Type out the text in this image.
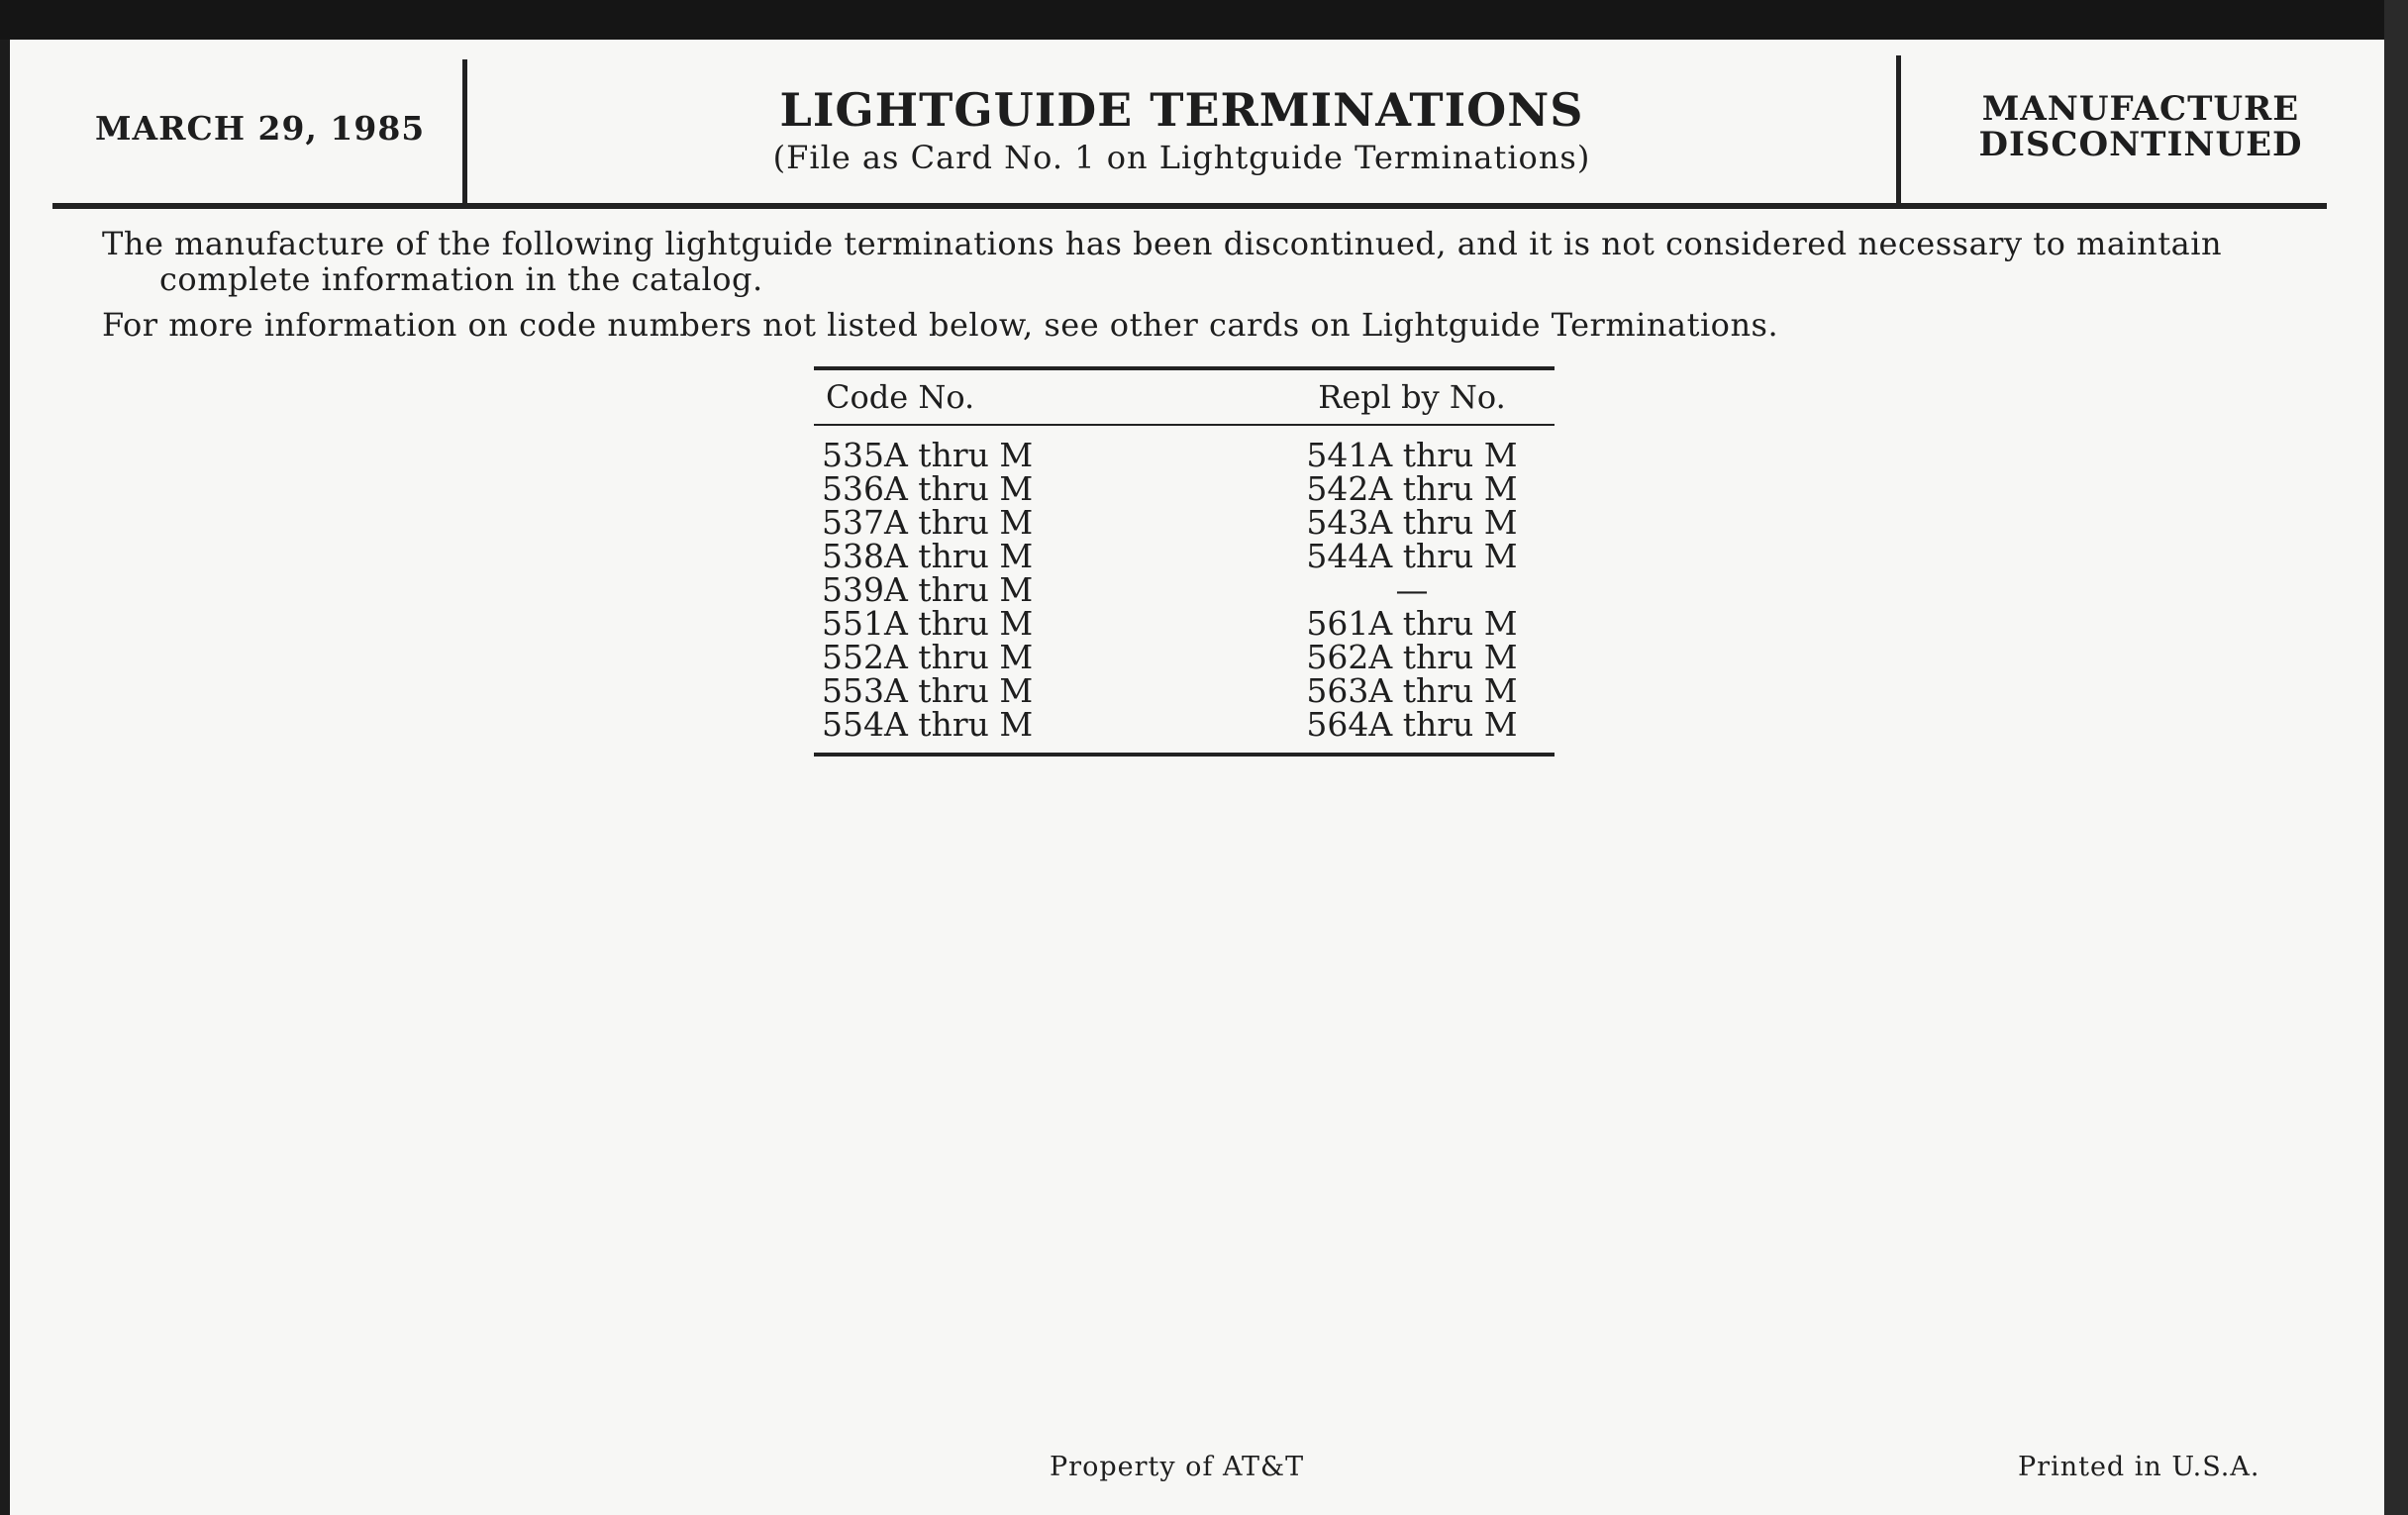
MARCH 29, 1985	LIGHTGUIDE TERMINATIONS
(File as Card No. 1 on Lightguide Terminations)
MANUFACTURE
DISCONTINUED
The manufacture of the following lightguide terminations has been discontinued, and it is not considered necessary to maintain
complete information in the catalog.
For more information on code numbers not listed below, see other cards on Lightguide Terminations.
Code No.	Repl by No.
535A thru M	541A thru M
536A thru M	542A thru M
537A thru M	543A thru M
538A thru M	544A thru M
539A thru M	—
551A thru M	561A thru M
552A thru M	562A thru M
553A thru M	563A thru M
554A thru M	564A thru M
Property of AT&T	Printed in U.S.A.
